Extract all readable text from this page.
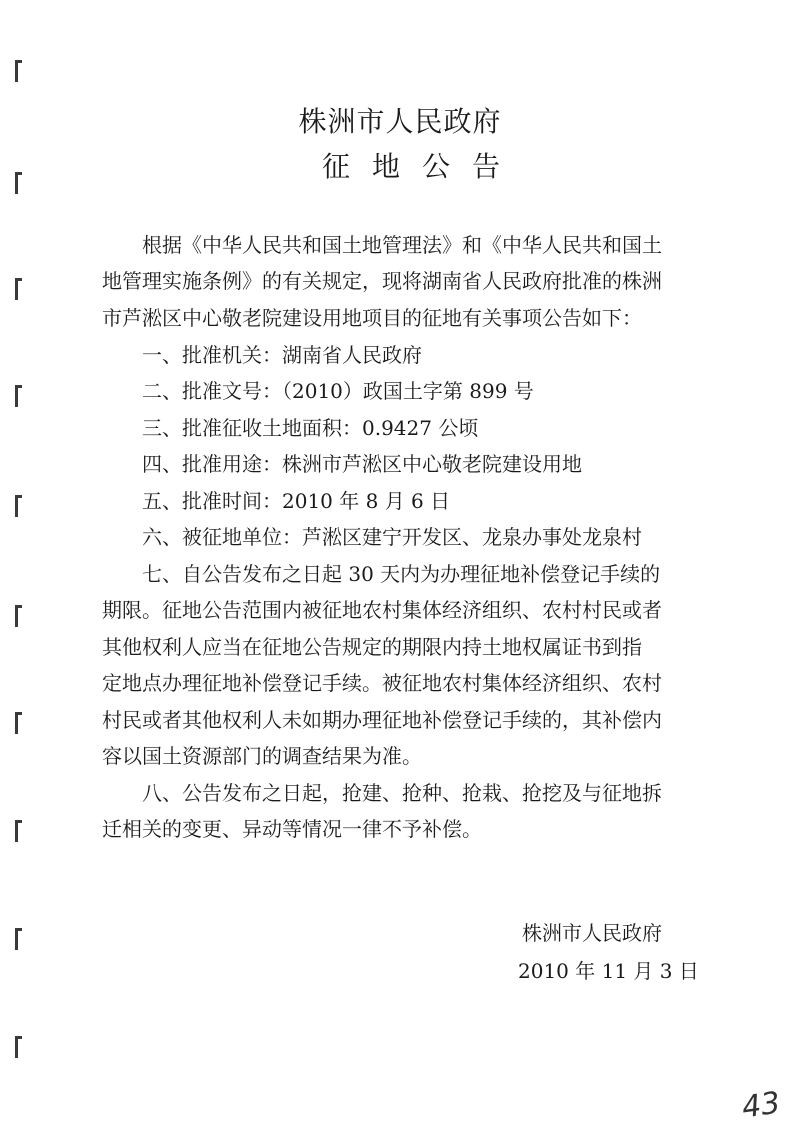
株洲市人民政府
征地公告
根据《中华人民共和国土地管理法》和《中华人民共和国土
地管理实施条例》的有关规定，现将湖南省人民政府批准的株洲
市芦淞区中心敬老院建设用地项目的征地有关事项公告如下：
一、批准机关：湖南省人民政府
二、批准文号：（2010）政国土字第 899 号
三、批准征收土地面积：0.9427 公顷
四、批准用途：株洲市芦淞区中心敬老院建设用地
五、批准时间：2010 年 8 月 6 日
六、被征地单位：芦淞区建宁开发区、龙泉办事处龙泉村
七、自公告发布之日起 30 天内为办理征地补偿登记手续的
期限。征地公告范围内被征地农村集体经济组织、农村村民或者
其他权利人应当在征地公告规定的期限内持土地权属证书到指
定地点办理征地补偿登记手续。被征地农村集体经济组织、农村
村民或者其他权利人未如期办理征地补偿登记手续的，其补偿内
容以国土资源部门的调查结果为准。
八、公告发布之日起，抢建、抢种、抢栽、抢挖及与征地拆
迁相关的变更、异动等情况一律不予补偿。
株洲市人民政府
2010 年 11 月 3 日
43
